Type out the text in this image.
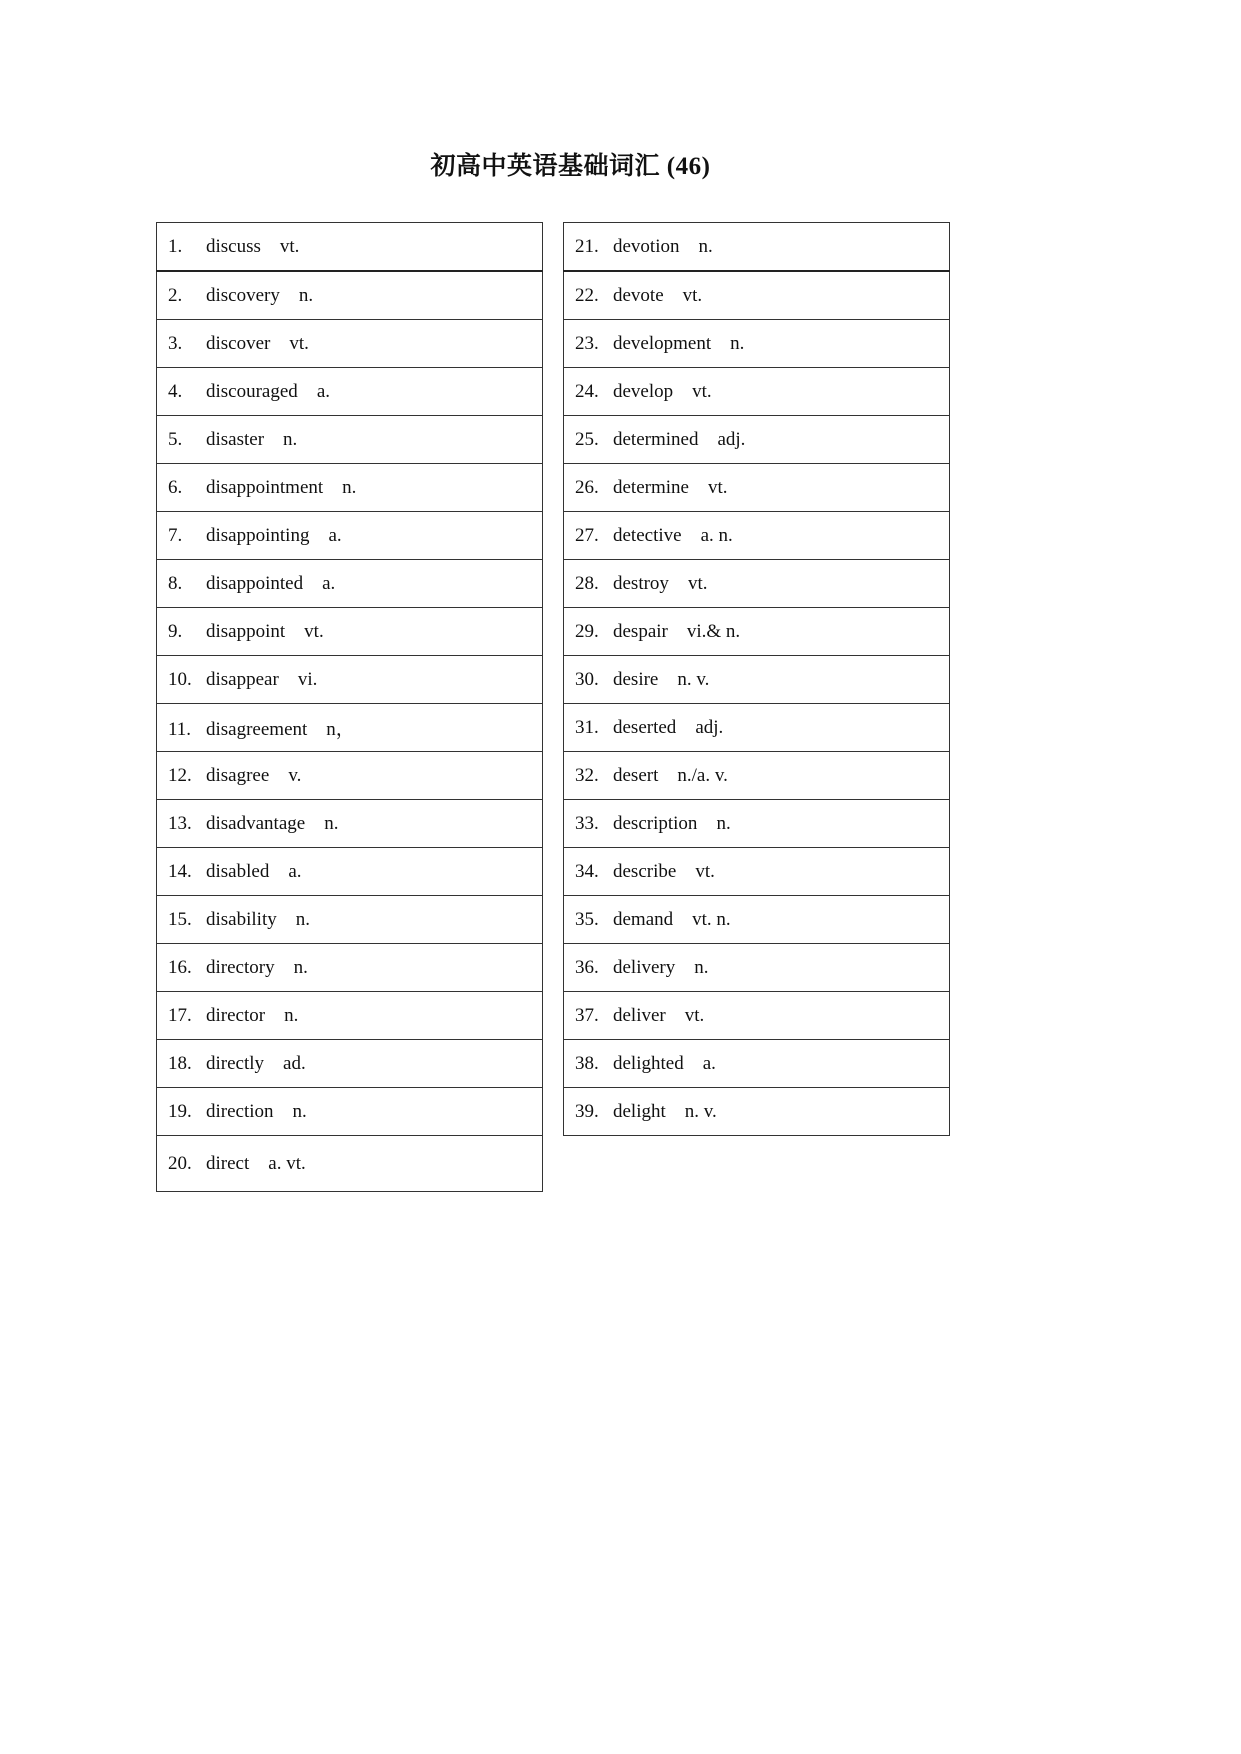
初高中英语基础词汇 (46)
1. discuss vt.
2. discovery n.
3. discover vt.
4. discouraged a.
5. disaster n.
6. disappointment n.
7. disappointing a.
8. disappointed a.
9. disappoint vt.
10. disappear vi.
11. disagreement n，
12. disagree v.
13. disadvantage n.
14. disabled a.
15. disability n.
16. directory n.
17. director n.
18. directly ad.
19. direction n.
20. direct a. vt.
21. devotion n.
22. devote vt.
23. development n.
24. develop vt.
25. determined adj.
26. determine vt.
27. detective a. n.
28. destroy vt.
29. despair vi.& n.
30. desire n. v.
31. deserted adj.
32. desert n./a. v.
33. description n.
34. describe vt.
35. demand vt. n.
36. delivery n.
37. deliver vt.
38. delighted a.
39. delight n. v.
